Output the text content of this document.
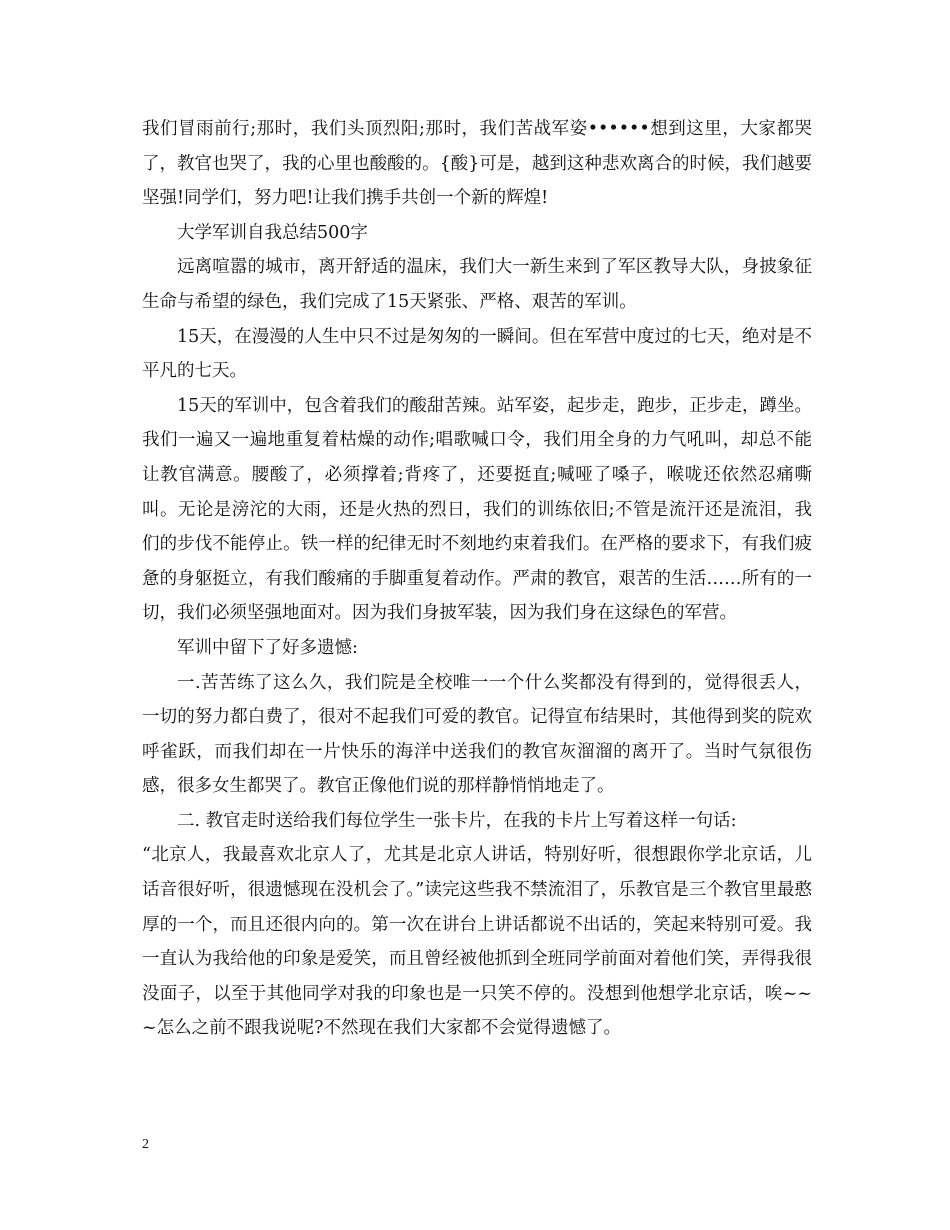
我们冒雨前行;那时，我们头顶烈阳;那时，我们苦战军姿••••••想到这里，大家都哭了，教官也哭了，我的心里也酸酸的。{酸}可是，越到这种悲欢离合的时候，我们越要坚强!同学们，努力吧!让我们携手共创一个新的辉煌!

大学军训自我总结500字

远离喧嚣的城市，离开舒适的温床，我们大一新生来到了军区教导大队，身披象征生命与希望的绿色，我们完成了15天紧张、严格、艰苦的军训。

15天，在漫漫的人生中只不过是匆匆的一瞬间。但在军营中度过的七天，绝对是不平凡的七天。

15天的军训中，包含着我们的酸甜苦辣。站军姿，起步走，跑步，正步走，蹲坐。我们一遍又一遍地重复着枯燥的动作;唱歌喊口令，我们用全身的力气吼叫，却总不能让教官满意。腰酸了，必须撑着;背疼了，还要挺直;喊哑了嗓子，喉咙还依然忍痛嘶叫。无论是滂沱的大雨，还是火热的烈日，我们的训练依旧;不管是流汗还是流泪，我们的步伐不能停止。铁一样的纪律无时不刻地约束着我们。在严格的要求下，有我们疲惫的身躯挺立，有我们酸痛的手脚重复着动作。严肃的教官，艰苦的生活……所有的一切，我们必须坚强地面对。因为我们身披军装，因为我们身在这绿色的军营。

军训中留下了好多遗憾:

一.苦苦练了这么久，我们院是全校唯一一个什么奖都没有得到的，觉得很丢人，一切的努力都白费了，很对不起我们可爱的教官。记得宣布结果时，其他得到奖的院欢呼雀跃，而我们却在一片快乐的海洋中送我们的教官灰溜溜的离开了。当时气氛很伤感，很多女生都哭了。教官正像他们说的那样静悄悄地走了。

二. 教官走时送给我们每位学生一张卡片，在我的卡片上写着这样一句话:

“北京人，我最喜欢北京人了，尤其是北京人讲话，特别好听，很想跟你学北京话，儿话音很好听，很遗憾现在没机会了。”读完这些我不禁流泪了，乐教官是三个教官里最憨厚的一个，而且还很内向的。第一次在讲台上讲话都说不出话的，笑起来特别可爱。我一直认为我给他的印象是爱笑，而且曾经被他抓到全班同学前面对着他们笑，弄得我很没面子，以至于其他同学对我的印象也是一只笑不停的。没想到他想学北京话，唉~~~怎么之前不跟我说呢?不然现在我们大家都不会觉得遗憾了。

2
